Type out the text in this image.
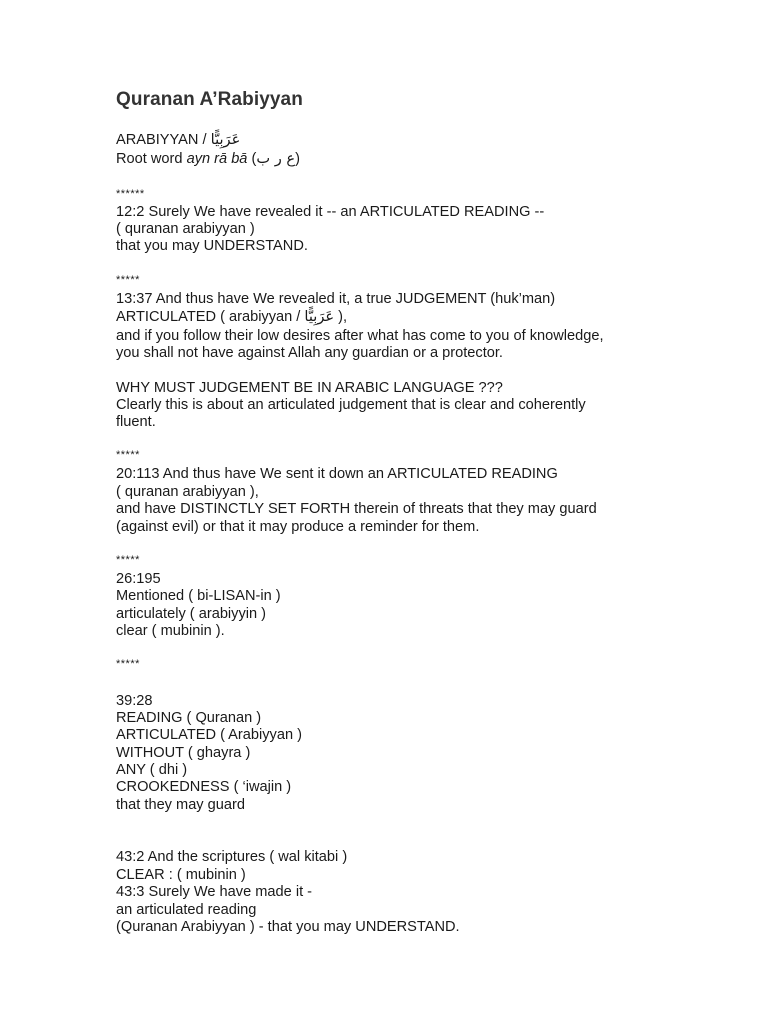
Quranan A’Rabiyyan
ARABIYYAN / عَرَبِيًّا
Root word ayn rā bā (ع ر ب)
******
12:2 Surely We have revealed it -- an ARTICULATED READING --
( quranan arabiyyan )
that you may UNDERSTAND.
*****
13:37 And thus have We revealed it, a true JUDGEMENT (huk’man)
ARTICULATED ( arabiyyan / عَرَبِيًّا ),
and if you follow their low desires after what has come to you of knowledge,
you shall not have against Allah any guardian or a protector.
WHY MUST JUDGEMENT BE IN ARABIC LANGUAGE ???
Clearly this is about an articulated judgement that is clear and coherently
fluent.
*****
20:113 And thus have We sent it down an ARTICULATED READING
( quranan arabiyyan ),
and have DISTINCTLY SET FORTH therein of threats that they may guard
(against evil) or that it may produce a reminder for them.
*****
26:195
Mentioned ( bi-LISAN-in )
articulately ( arabiyyin )
clear ( mubinin ).
*****
39:28
READING ( Quranan )
ARTICULATED ( Arabiyyan )
WITHOUT ( ghayra )
ANY ( dhi )
CROOKEDNESS ( ‘iwajin )
that they may guard
43:2 And the scriptures ( wal kitabi )
CLEAR : ( mubinin )
43:3 Surely We have made it -
an articulated reading
(Quranan Arabiyyan ) - that you may UNDERSTAND.
